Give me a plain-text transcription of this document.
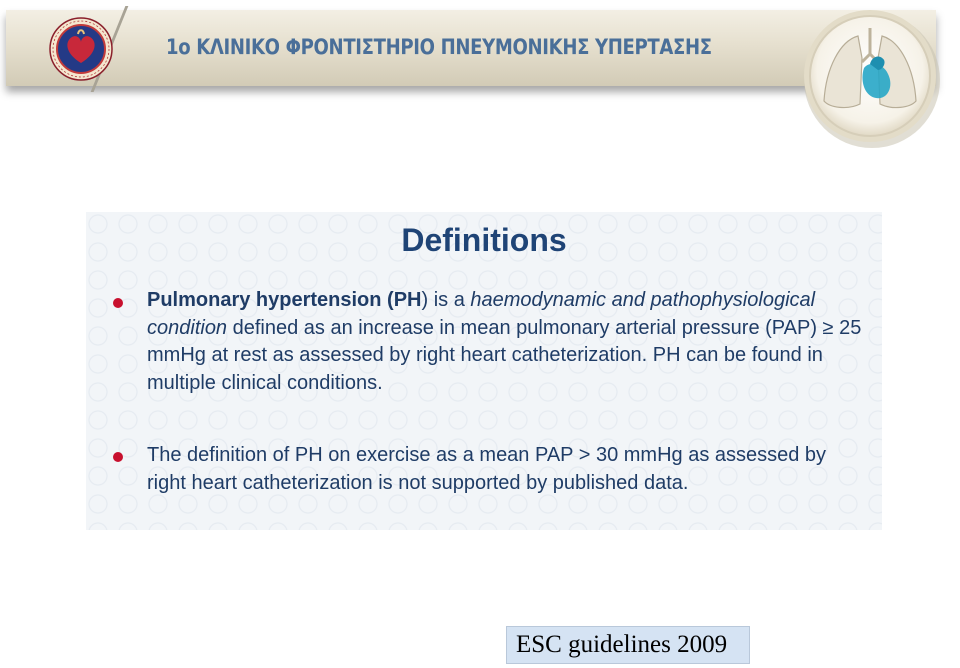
1ο ΚΛΙΝΙΚΟ ΦΡΟΝΤΙΣΤΗΡΙΟ ΠΝΕΥΜΟΝΙΚΗΣ ΥΠΕΡΤΑΣΗΣ
Definitions
Pulmonary hypertension (PH) is a haemodynamic and pathophysiological condition defined as an increase in mean pulmonary arterial pressure (PAP) ≥ 25 mmHg at rest as assessed by right heart catheterization. PH can be found in multiple clinical conditions.
The definition of PH on exercise as a mean PAP > 30 mmHg as assessed by right heart catheterization is not supported by published data.
ESC guidelines 2009
